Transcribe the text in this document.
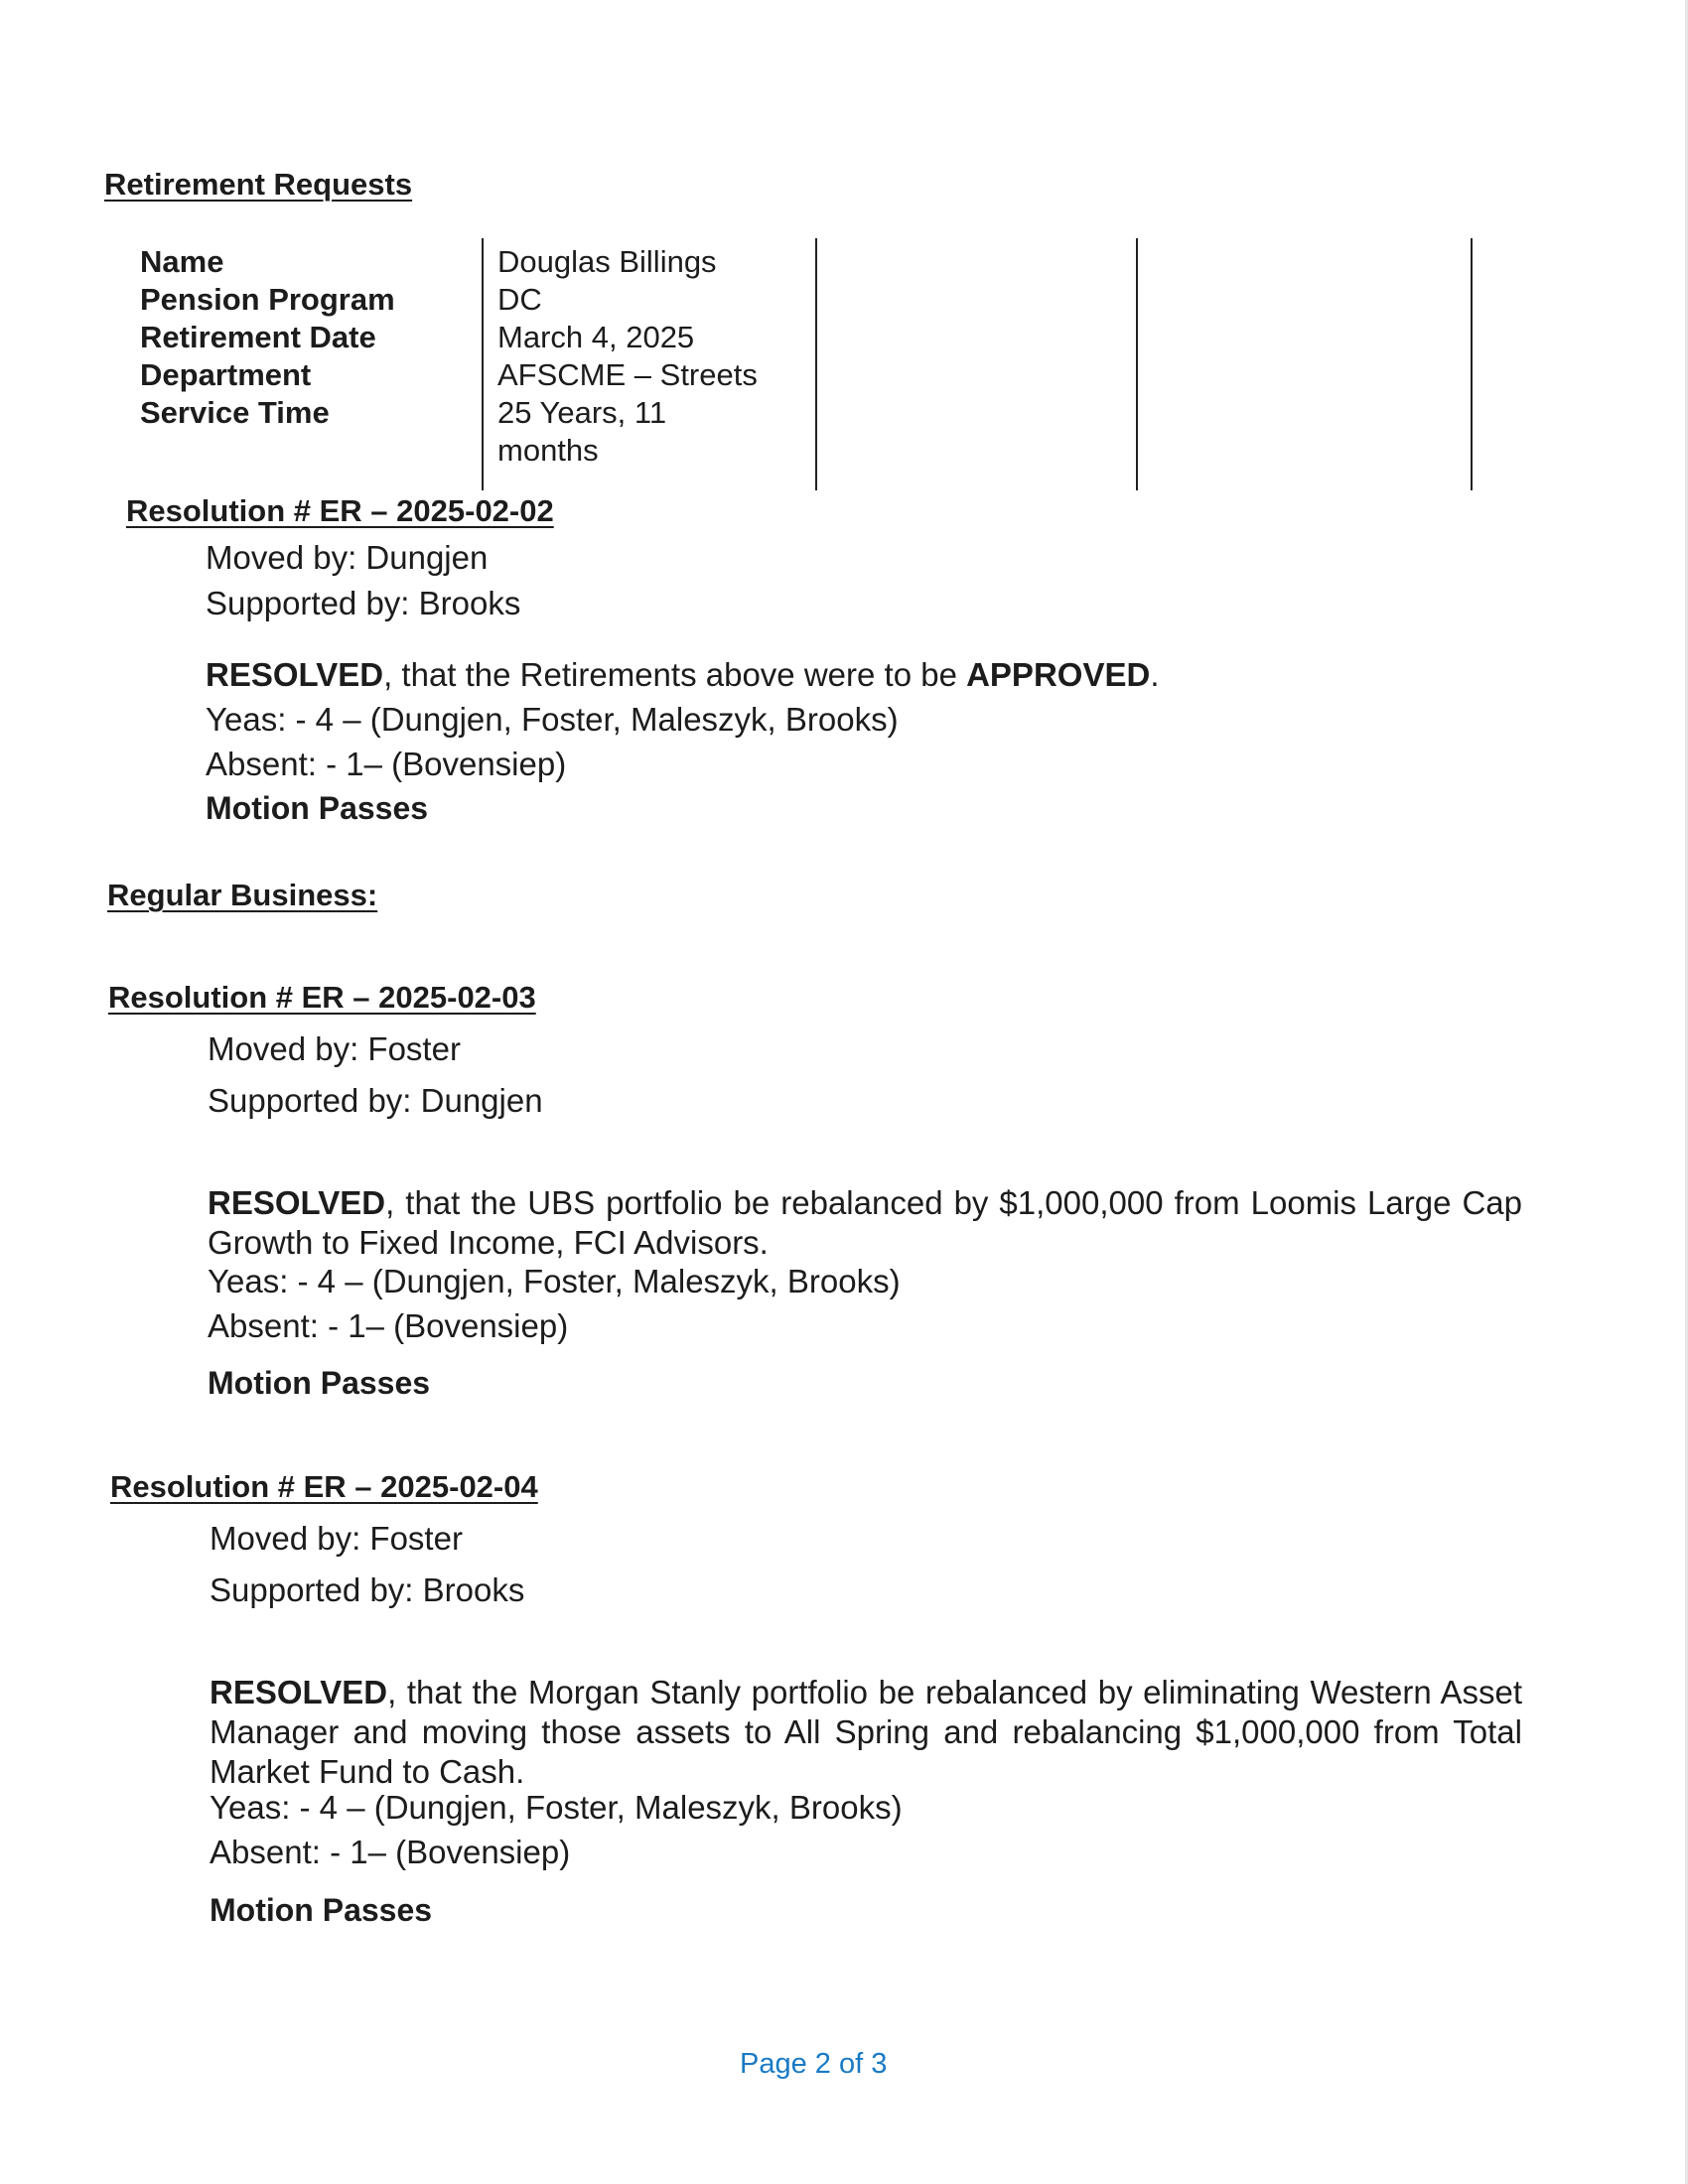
Retirement Requests
Name
Pension Program
Retirement Date
Department
Service Time
Douglas Billings
DC
March 4, 2025
AFSCME – Streets
25 Years, 11
months
Resolution # ER – 2025-02-02
Moved by: Dungjen
Supported by: Brooks
RESOLVED, that the Retirements above were to be APPROVED.
Yeas: - 4 – (Dungjen, Foster, Maleszyk, Brooks)
Absent: - 1– (Bovensiep)
Motion Passes
Regular Business:
Resolution # ER – 2025-02-03
Moved by: Foster
Supported by: Dungjen
RESOLVED, that the UBS portfolio be rebalanced by $1,000,000 from Loomis Large Cap Growth to Fixed Income, FCI Advisors.
Yeas: - 4 – (Dungjen, Foster, Maleszyk, Brooks)
Absent: - 1– (Bovensiep)
Motion Passes
Resolution # ER – 2025-02-04
Moved by: Foster
Supported by: Brooks
RESOLVED, that the Morgan Stanly portfolio be rebalanced by eliminating Western Asset Manager and moving those assets to All Spring and rebalancing $1,000,000 from Total Market Fund to Cash.
Yeas: - 4 – (Dungjen, Foster, Maleszyk, Brooks)
Absent: - 1– (Bovensiep)
Motion Passes
Page 2 of 3
